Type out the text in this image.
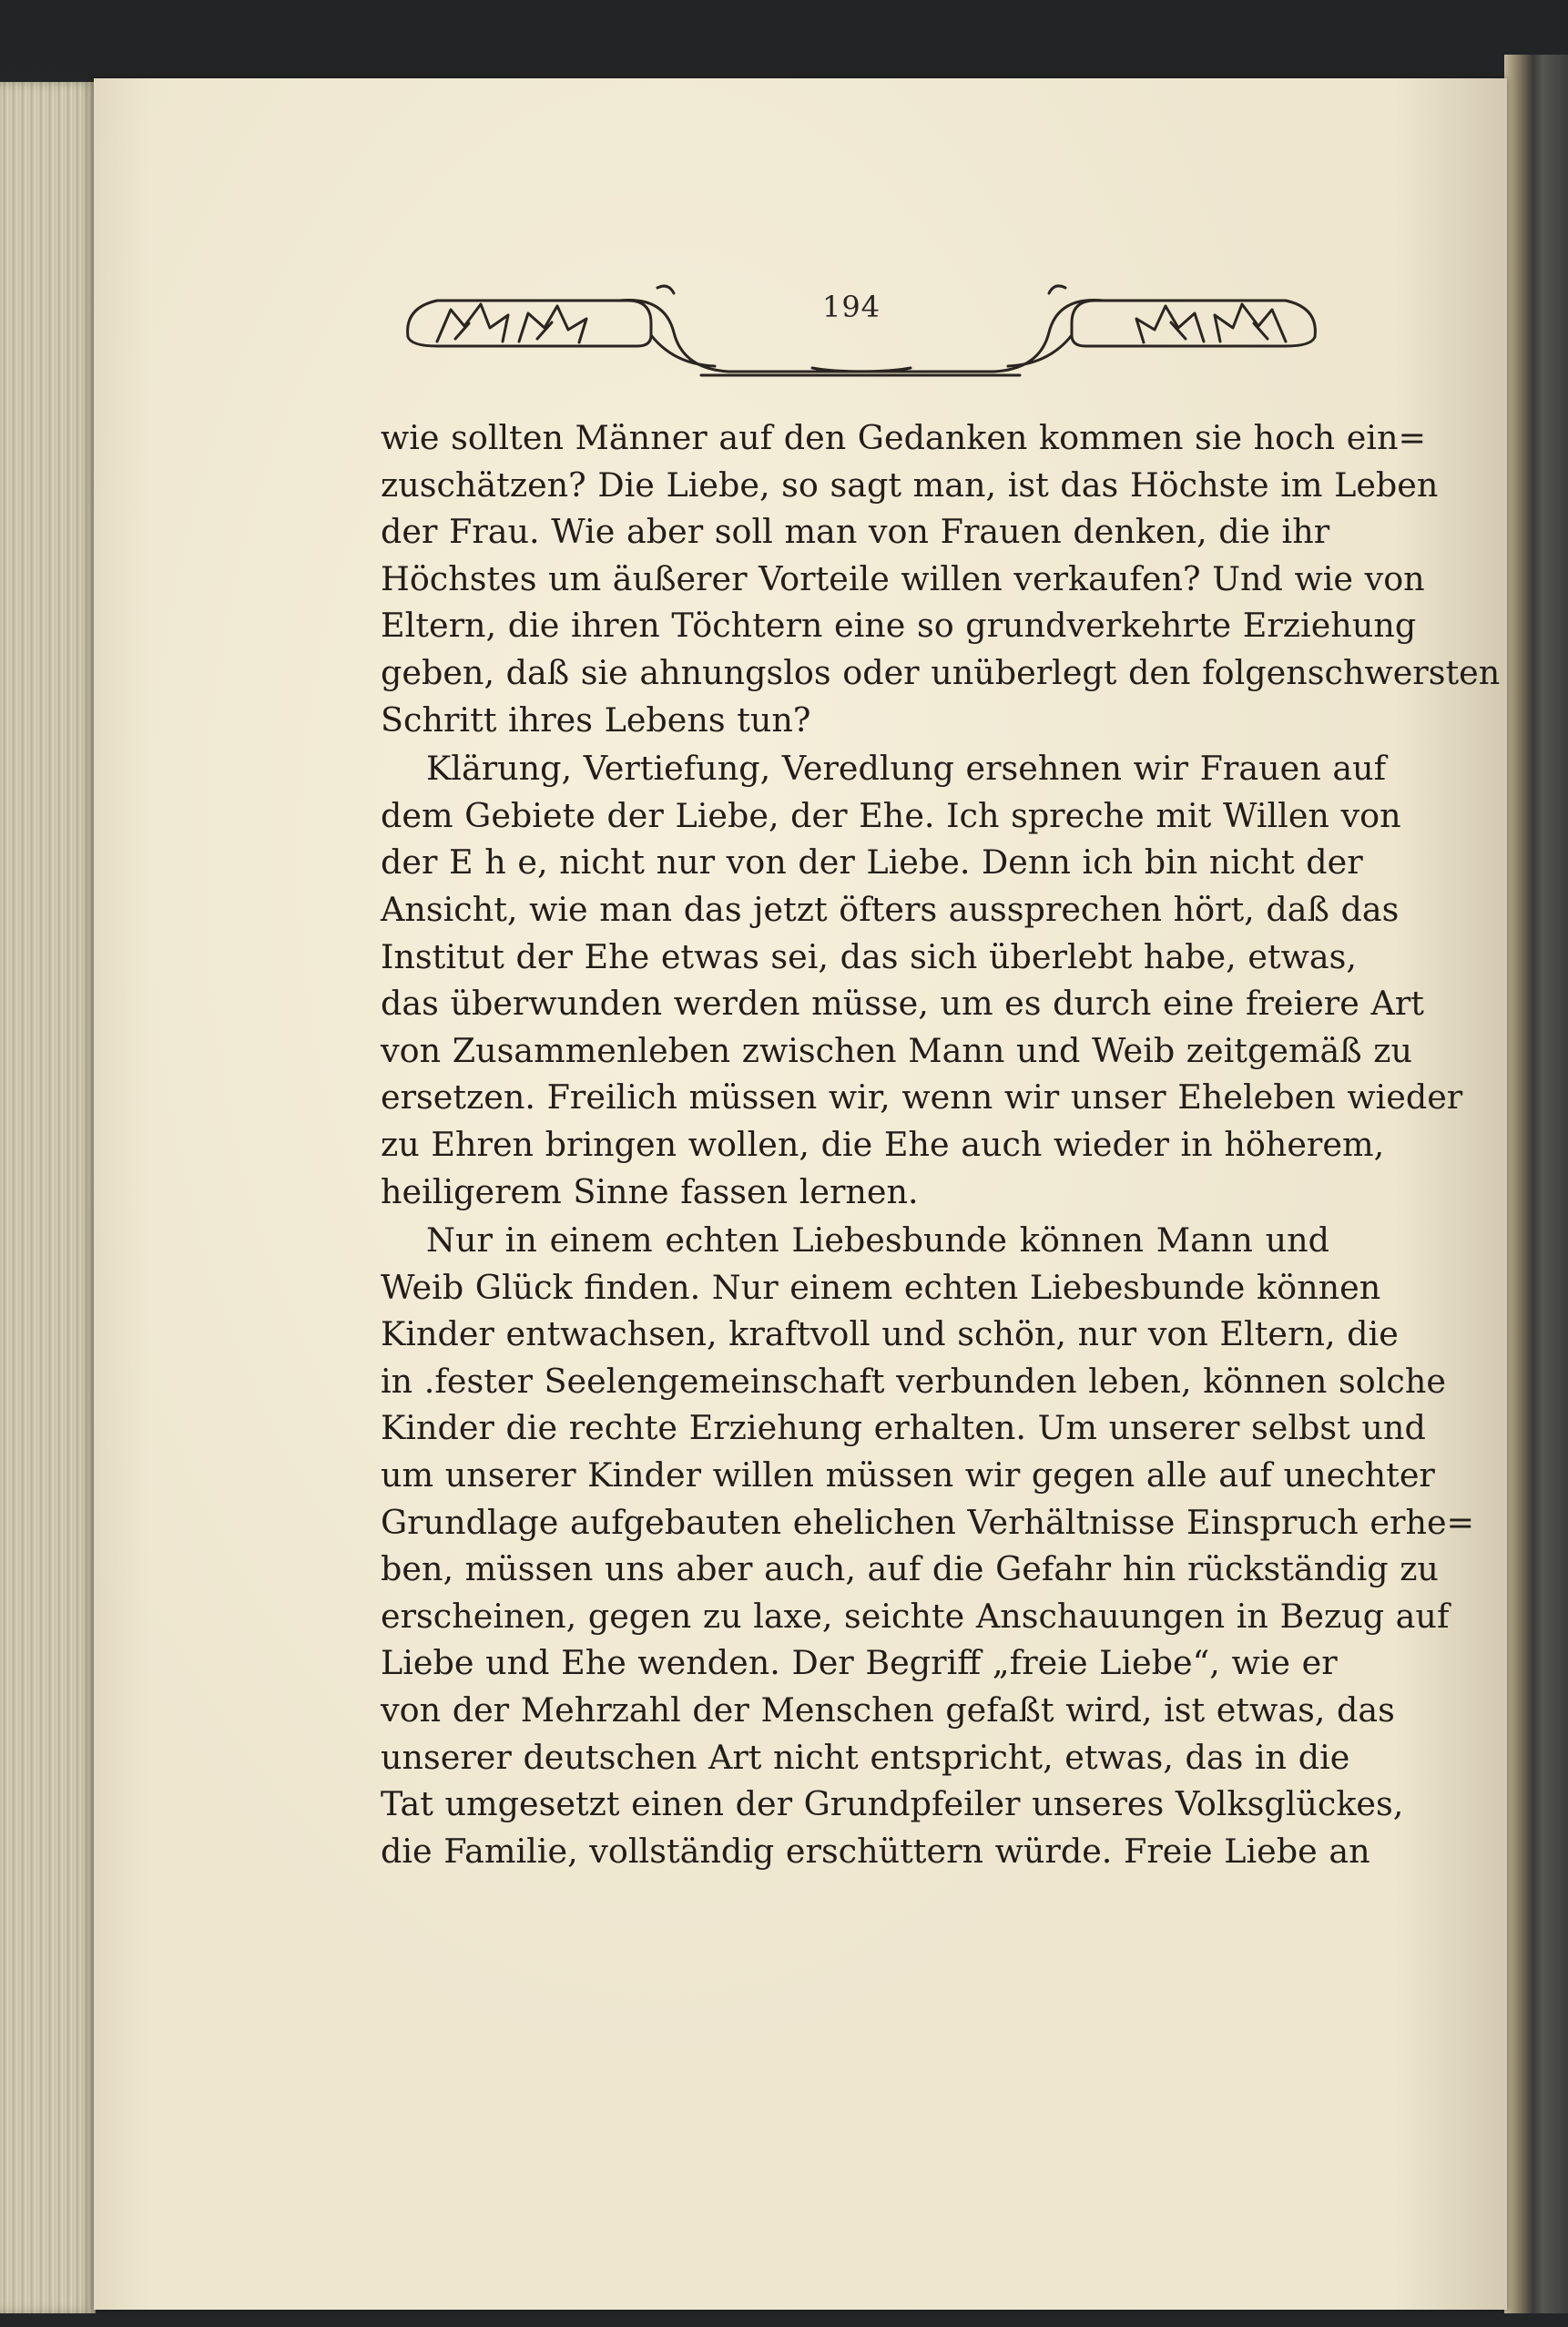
194
wie sollten Männer auf den Gedanken kommen sie hoch ein=
zuschätzen? Die Liebe, so sagt man, ist das Höchste im Leben
der Frau. Wie aber soll man von Frauen denken, die ihr
Höchstes um äußerer Vorteile willen verkaufen? Und wie von
Eltern, die ihren Töchtern eine so grundverkehrte Erziehung
geben, daß sie ahnungslos oder unüberlegt den folgenschwersten
Schritt ihres Lebens tun?
Klärung, Vertiefung, Veredlung ersehnen wir Frauen auf
dem Gebiete der Liebe, der Ehe. Ich spreche mit Willen von
der E h e, nicht nur von der Liebe. Denn ich bin nicht der
Ansicht, wie man das jetzt öfters aussprechen hört, daß das
Institut der Ehe etwas sei, das sich überlebt habe, etwas,
das überwunden werden müsse, um es durch eine freiere Art
von Zusammenleben zwischen Mann und Weib zeitgemäß zu
ersetzen. Freilich müssen wir, wenn wir unser Eheleben wieder
zu Ehren bringen wollen, die Ehe auch wieder in höherem,
heiligerem Sinne fassen lernen.
Nur in einem echten Liebesbunde können Mann und
Weib Glück finden. Nur einem echten Liebesbunde können
Kinder entwachsen, kraftvoll und schön, nur von Eltern, die
in .fester Seelengemeinschaft verbunden leben, können solche
Kinder die rechte Erziehung erhalten. Um unserer selbst und
um unserer Kinder willen müssen wir gegen alle auf unechter
Grundlage aufgebauten ehelichen Verhältnisse Einspruch erhe=
ben, müssen uns aber auch, auf die Gefahr hin rückständig zu
erscheinen, gegen zu laxe, seichte Anschauungen in Bezug auf
Liebe und Ehe wenden. Der Begriff „freie Liebe“, wie er
von der Mehrzahl der Menschen gefaßt wird, ist etwas, das
unserer deutschen Art nicht entspricht, etwas, das in die
Tat umgesetzt einen der Grundpfeiler unseres Volksglückes,
die Familie, vollständig erschüttern würde. Freie Liebe an
